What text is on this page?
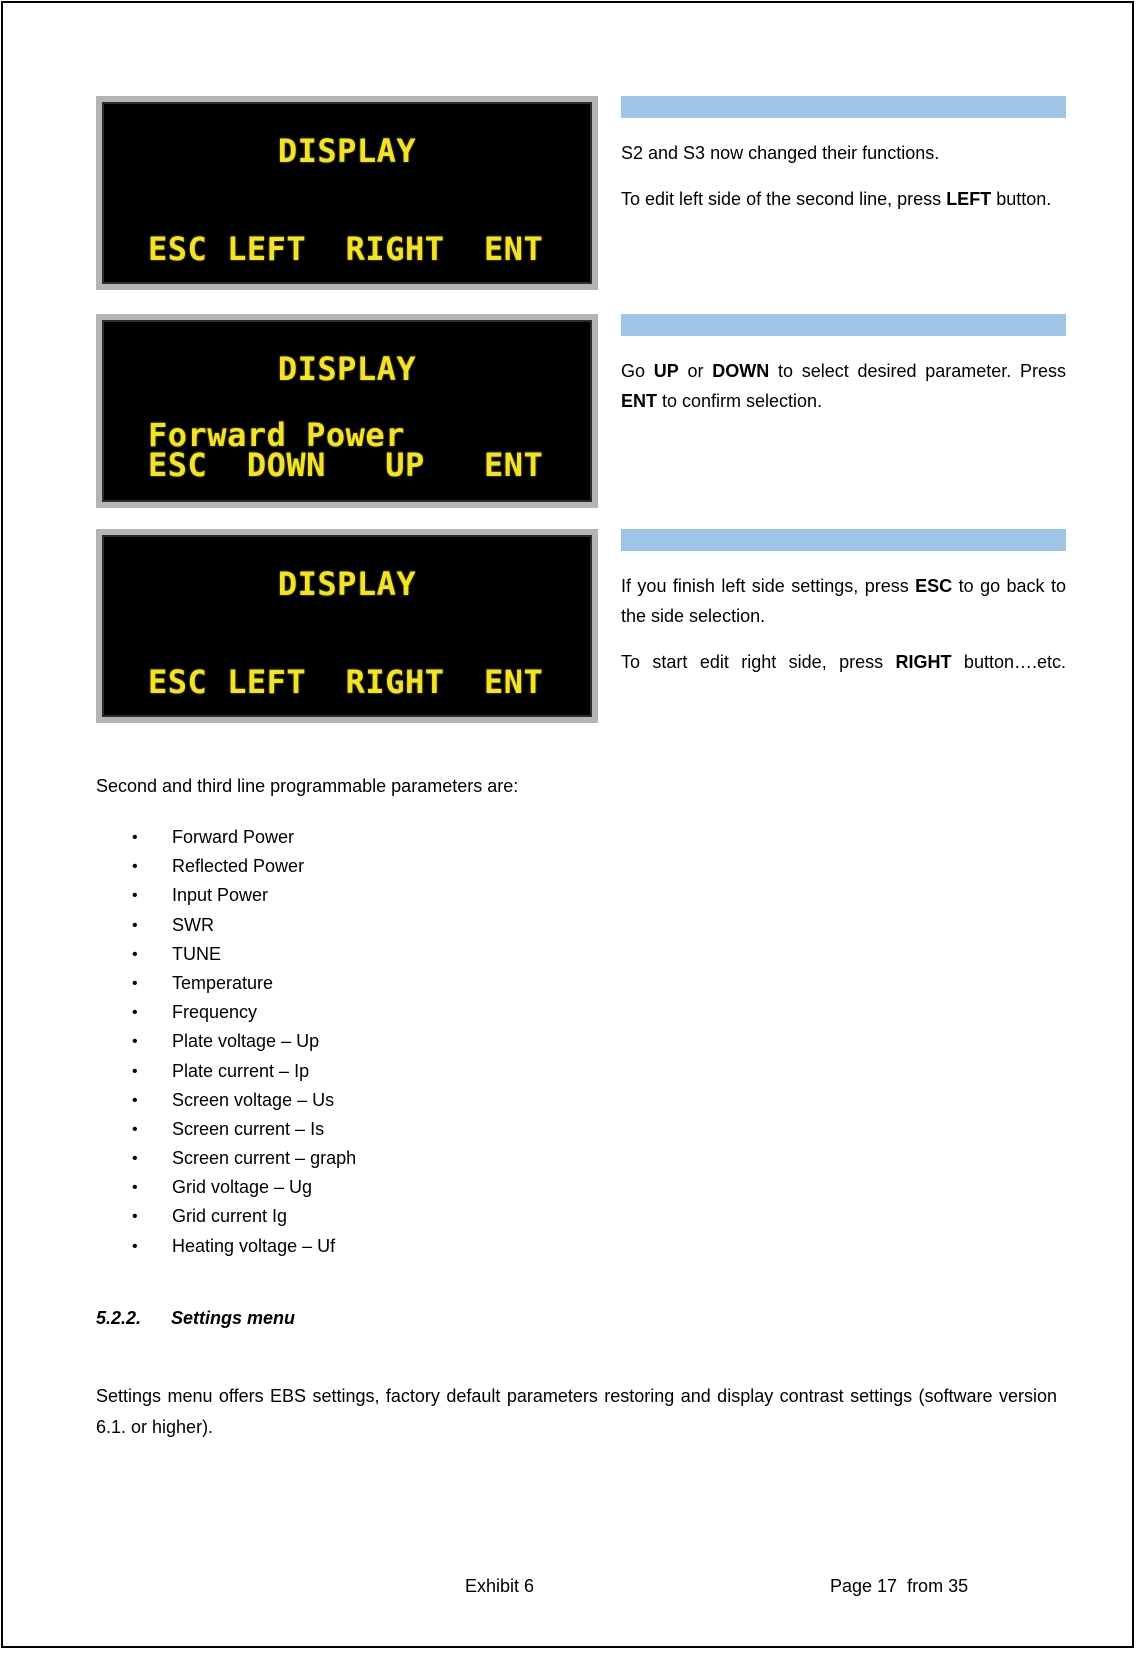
DISPLAY
ESC LEFT  RIGHT  ENT

S2 and S3 now changed their functions.

To edit left side of the second line, press LEFT button.

DISPLAY
Forward Power
ESC  DOWN   UP   ENT

Go UP or DOWN to select desired parameter. Press ENT to confirm selection.

DISPLAY
ESC LEFT  RIGHT  ENT

If you finish left side settings, press ESC to go back to the side selection.

To start edit right side, press RIGHT button….etc.

Second and third line programmable parameters are:
• Forward Power
• Reflected Power
• Input Power
• SWR
• TUNE
• Temperature
• Frequency
• Plate voltage – Up
• Plate current – Ip
• Screen voltage – Us
• Screen current – Is
• Screen current – graph
• Grid voltage – Ug
• Grid current Ig
• Heating voltage – Uf
5.2.2. Settings menu

Settings menu offers EBS settings, factory default parameters restoring and display contrast settings (software version 6.1. or higher).

Exhibit 6	Page 17  from 35
